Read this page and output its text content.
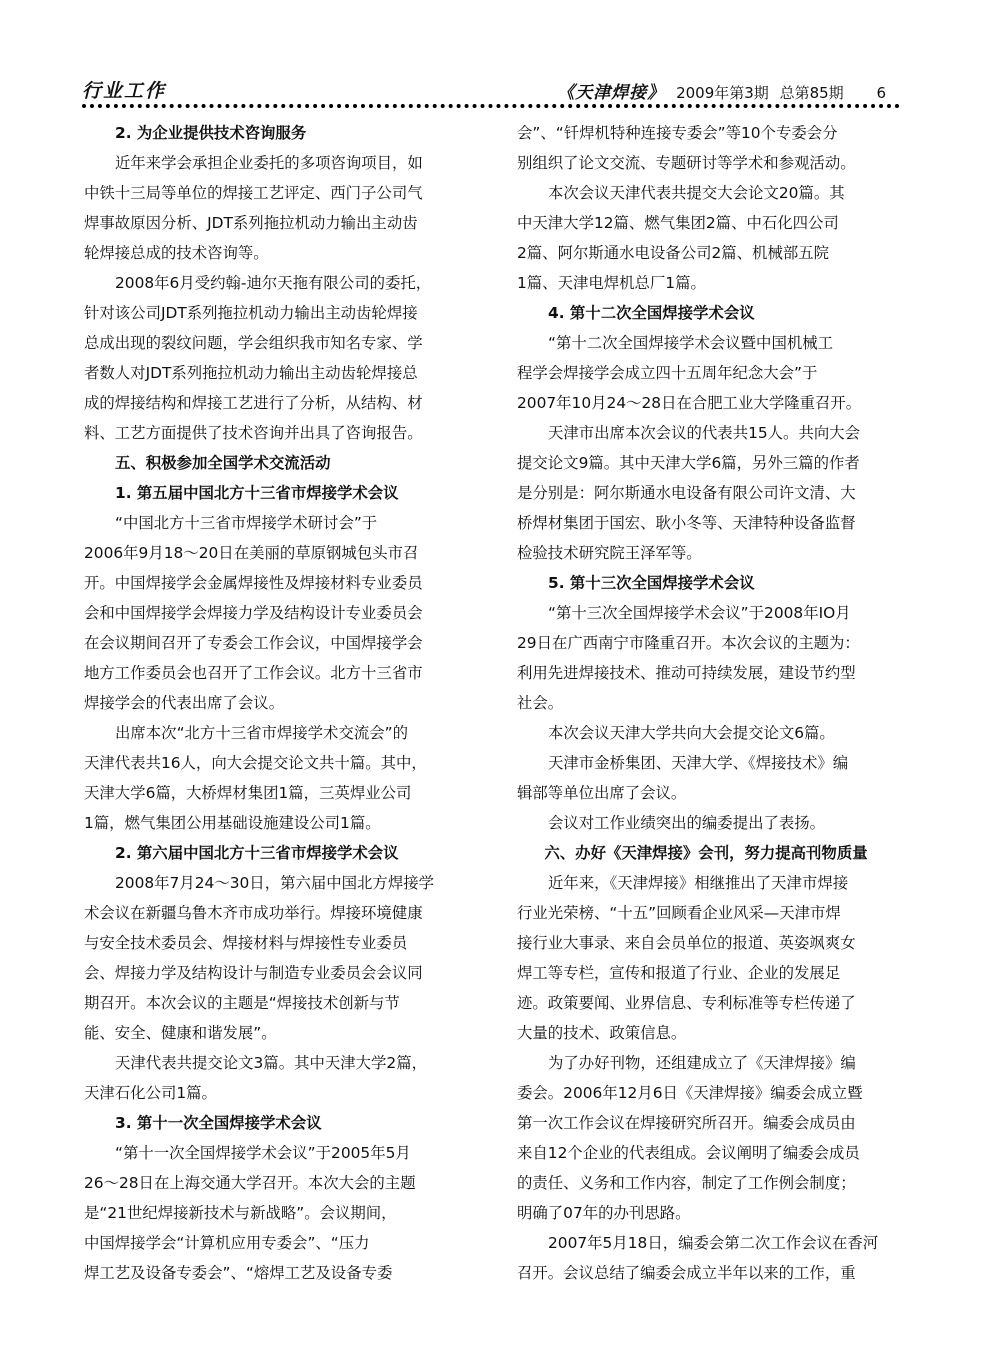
行业工作	《天津焊接》 2009年第3期 总第85期 6
2. 为企业提供技术咨询服务
近年来学会承担企业委托的多项咨询项目，如
中铁十三局等单位的焊接工艺评定、西门子公司气
焊事故原因分析、JDT系列拖拉机动力输出主动齿
轮焊接总成的技术咨询等。
2008年6月受约翰-迪尔天拖有限公司的委托，
针对该公司JDT系列拖拉机动力输出主动齿轮焊接
总成出现的裂纹问题，学会组织我市知名专家、学
者数人对JDT系列拖拉机动力输出主动齿轮焊接总
成的焊接结构和焊接工艺进行了分析，从结构、材
料、工艺方面提供了技术咨询并出具了咨询报告。
五、积极参加全国学术交流活动
1. 第五届中国北方十三省市焊接学术会议
“中国北方十三省市焊接学术研讨会”于
2006年9月18～20日在美丽的草原钢城包头市召
开。中国焊接学会金属焊接性及焊接材料专业委员
会和中国焊接学会焊接力学及结构设计专业委员会
在会议期间召开了专委会工作会议，中国焊接学会
地方工作委员会也召开了工作会议。北方十三省市
焊接学会的代表出席了会议。
出席本次“北方十三省市焊接学术交流会”的
天津代表共16人，向大会提交论文共十篇。其中，
天津大学6篇，大桥焊材集团1篇，三英焊业公司
1篇，燃气集团公用基础设施建设公司1篇。
2. 第六届中国北方十三省市焊接学术会议
2008年7月24～30日，第六届中国北方焊接学
术会议在新疆乌鲁木齐市成功举行。焊接环境健康
与安全技术委员会、焊接材料与焊接性专业委员
会、焊接力学及结构设计与制造专业委员会会议同
期召开。本次会议的主题是“焊接技术创新与节
能、安全、健康和谐发展”。
天津代表共提交论文3篇。其中天津大学2篇，
天津石化公司1篇。
3. 第十一次全国焊接学术会议
“第十一次全国焊接学术会议”于2005年5月
26～28日在上海交通大学召开。本次大会的主题
是“21世纪焊接新技术与新战略”。会议期间，
中国焊接学会“计算机应用专委会”、“压力
焊工艺及设备专委会”、“熔焊工艺及设备专委
会”、“钎焊机特种连接专委会”等10个专委会分
别组织了论文交流、专题研讨等学术和参观活动。
本次会议天津代表共提交大会论文20篇。其
中天津大学12篇、燃气集团2篇、中石化四公司
2篇、阿尔斯通水电设备公司2篇、机械部五院
1篇、天津电焊机总厂1篇。
4. 第十二次全国焊接学术会议
“第十二次全国焊接学术会议暨中国机械工
程学会焊接学会成立四十五周年纪念大会”于
2007年10月24～28日在合肥工业大学隆重召开。
天津市出席本次会议的代表共15人。共向大会
提交论文9篇。其中天津大学6篇，另外三篇的作者
是分别是：阿尔斯通水电设备有限公司许文清、大
桥焊材集团于国宏、耿小冬等、天津特种设备监督
检验技术研究院王泽军等。
5. 第十三次全国焊接学术会议
“第十三次全国焊接学术会议”于2008年IO月
29日在广西南宁市隆重召开。本次会议的主题为：
利用先进焊接技术、推动可持续发展，建设节约型
社会。
本次会议天津大学共向大会提交论文6篇。
天津市金桥集团、天津大学、《焊接技术》编
辑部等单位出席了会议。
会议对工作业绩突出的编委提出了表扬。
六、办好《天津焊接》会刊，努力提高刊物质量
近年来，《天津焊接》相继推出了天津市焊接
行业光荣榜、“十五”回顾看企业风采—天津市焊
接行业大事录、来自会员单位的报道、英姿飒爽女
焊工等专栏，宣传和报道了行业、企业的发展足
迹。政策要闻、业界信息、专利标准等专栏传递了
大量的技术、政策信息。
为了办好刊物，还组建成立了《天津焊接》编
委会。2006年12月6日《天津焊接》编委会成立暨
第一次工作会议在焊接研究所召开。编委会成员由
来自12个企业的代表组成。会议阐明了编委会成员
的责任、义务和工作内容，制定了工作例会制度；
明确了07年的办刊思路。
2007年5月18日，编委会第二次工作会议在香河
召开。会议总结了编委会成立半年以来的工作，重
